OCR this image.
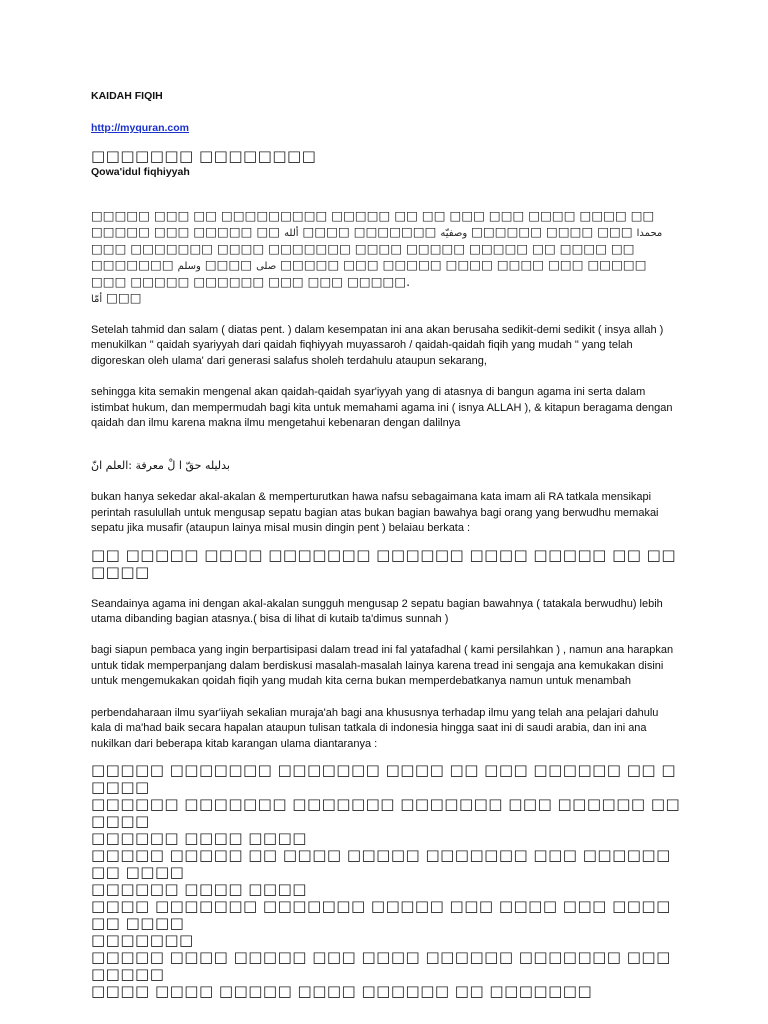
KAIDAH FIQIH
http://myquran.com
□□□□□□□ □□□□□□□□
Qowa'idul fiqhiyyah
□□□□□ □□□ □□ □□□□□□□□□ □□□□□ □□ □□ □□□ □□□ □□□□ □□□□ □□
□□□□□ □□□ □□□□□ □□	محمدا □□□ □□□□ □□□□□□ وصفيّه □□□□□□□ □□□□ ألله
□□□ □□□□□□□ □□□□ □□□□□□□ □□□□ □□□□□ □□□□□ □□ □□□□ □□
□□□□□□□	صلى □□□□ وسلم	□□□□□ □□□ □□□□□ □□□□ □□□□ □□□ □□□□□
□□□ □□□□□ □□□□□□ □□□ □□□ □□□□□.
أمّا □□□

Setelah tahmid dan salam ( diatas pent. ) dalam kesempatan ini ana akan berusaha sedikit-demi sedikit ( insya allah ) menukilkan " qaidah syariyyah dari qaidah fiqhiyyah muyassaroh / qaidah-qaidah fiqih yang mudah " yang telah digoreskan oleh ulama' dari generasi salafus sholeh terdahulu ataupun sekarang,

sehingga kita semakin mengenal akan qaidah-qaidah syar'iyyah yang di atasnya di bangun agama ini serta dalam istimbat hukum, dan mempermudah bagi kita untuk memahami agama ini ( isnya ALLAH ), & kitapun beragama dengan qaidah dan ilmu karena makna ilmu mengetahui kebenaran dengan dalilnya

بدليله حقّ ا لْ معرفة :العلم انّ

bukan hanya sekedar akal-akalan & memperturutkan hawa nafsu sebagaimana kata imam ali RA tatkala mensikapi perintah rasulullah untuk mengusap sepatu bagian atas bukan bagian bawahya bagi orang yang berwudhu memakai sepatu jika musafir (ataupun lainya misal musin dingin pent ) belaiau berkata :

□□ □□□□□ □□□□ □□□□□□□ □□□□□□ □□□□ □□□□□ □□ □□□□□□

Seandainya agama ini dengan akal-akalan sungguh mengusap 2 sepatu bagian bawahnya ( tatakala berwudhu) lebih utama dibanding bagian atasnya.( bisa di lihat di kutaib ta'dimus sunnah )

bagi siapun pembaca yang ingin berpartisipasi dalam tread ini fal yatafadhal ( kami persilahkan ) , namun ana harapkan untuk tidak memperpanjang dalam berdiskusi masalah-masalah lainya karena tread ini sengaja ana kemukakan disini untuk mengemukakan qoidah fiqih yang mudah kita cerna bukan memperdebatkanya namun untuk menambah

perbendaharaan ilmu syar'iiyah sekalian muraja'ah bagi ana khususnya terhadap ilmu yang telah ana pelajari dahulu kala di ma'had baik secara hapalan ataupun tulisan tatkala di indonesia hingga saat ini di saudi arabia, dan ini ana nukilkan dari beberapa kitab karangan ulama diantaranya :

□□□□□ □□□□□□□ □□□□□□□ □□□□ □□ □□□ □□□□□□ □□ □□□□□
□□□□□□ □□□□□□□ □□□□□□□ □□□□□□□ □□□ □□□□□□ □□ □□□□
□□□□□□ □□□□ □□□□
□□□□□ □□□□□ □□ □□□□ □□□□□ □□□□□□□ □□□ □□□□□□ □□ □□□□
□□□□□□ □□□□ □□□□
□□□□ □□□□□□□ □□□□□□□ □□□□□ □□□ □□□□ □□□ □□□□ □□ □□□□
□□□□□□□
□□□□□ □□□□ □□□□□ □□□ □□□□ □□□□□□ □□□□□□□ □□□ □□□□□
□□□□ □□□□ □□□□□ □□□□ □□□□□□ □□ □□□□□□□
